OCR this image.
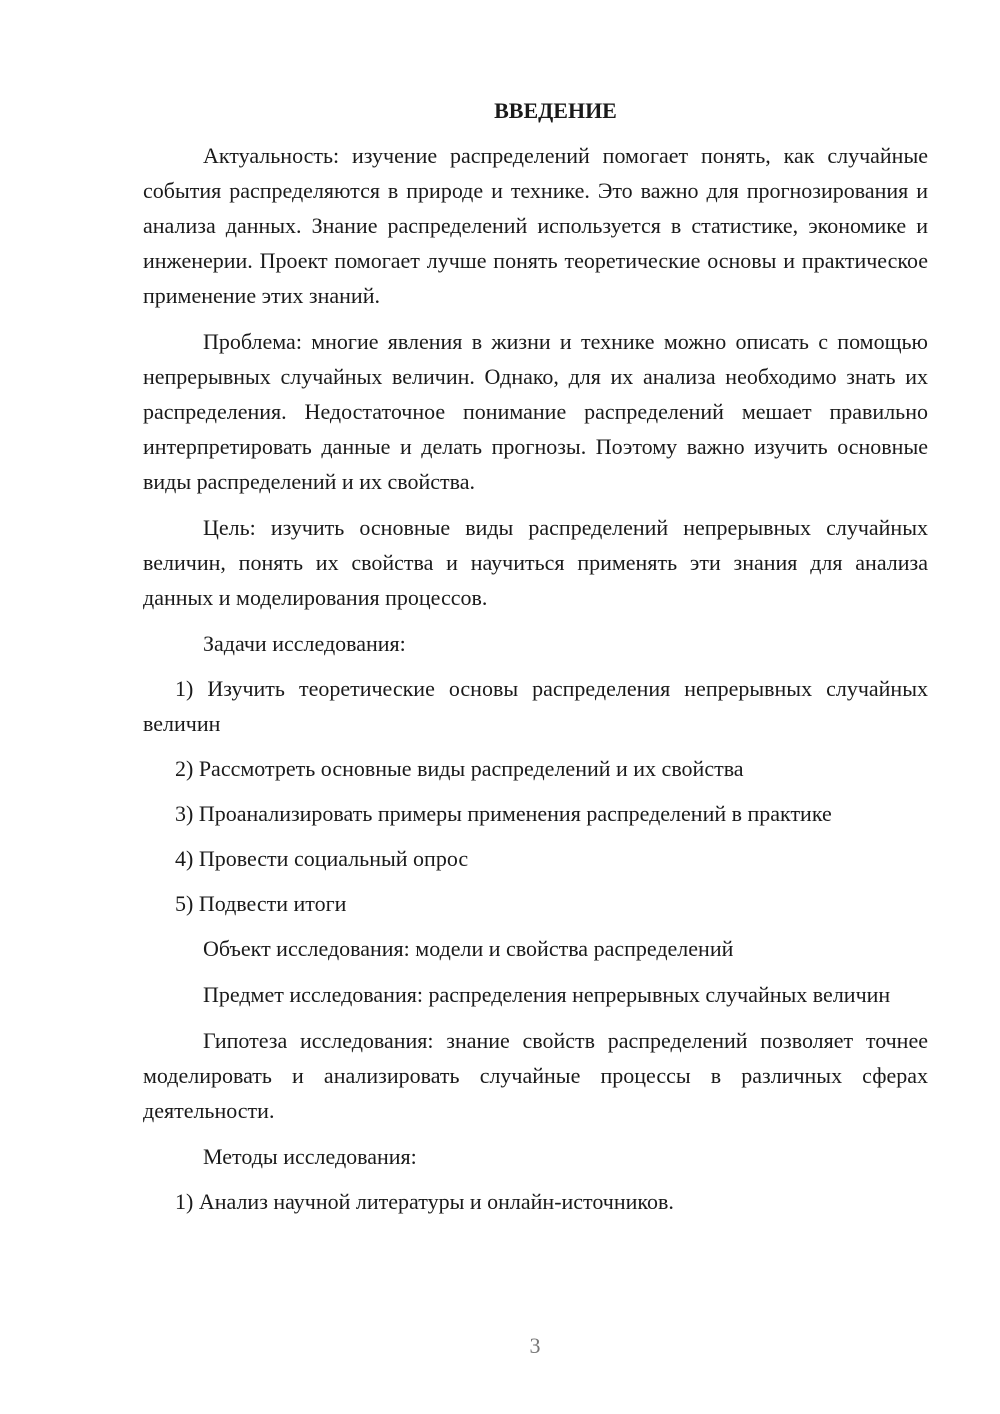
ВВЕДЕНИЕ

Актуальность: изучение распределений помогает понять, как случайные события распределяются в природе и технике. Это важно для прогнозирования и анализа данных. Знание распределений используется в статистике, экономике и инженерии. Проект помогает лучше понять теоретические основы и практическое применение этих знаний.

Проблема: многие явления в жизни и технике можно описать с помощью непрерывных случайных величин. Однако, для их анализа необходимо знать их распределения. Недостаточное понимание распределений мешает правильно интерпретировать данные и делать прогнозы. Поэтому важно изучить основные виды распределений и их свойства.

Цель: изучить основные виды распределений непрерывных случайных величин, понять их свойства и научиться применять эти знания для анализа данных и моделирования процессов.

Задачи исследования:

1) Изучить теоретические основы распределения непрерывных случайных величин

2) Рассмотреть основные виды распределений и их свойства

3) Проанализировать примеры применения распределений в практике

4) Провести социальный опрос

5) Подвести итоги

Объект исследования: модели и свойства распределений

Предмет исследования: распределения непрерывных случайных величин

Гипотеза исследования: знание свойств распределений позволяет точнее моделировать и анализировать случайные процессы в различных сферах деятельности.

Методы исследования:

1) Анализ научной литературы и онлайн-источников.

3
